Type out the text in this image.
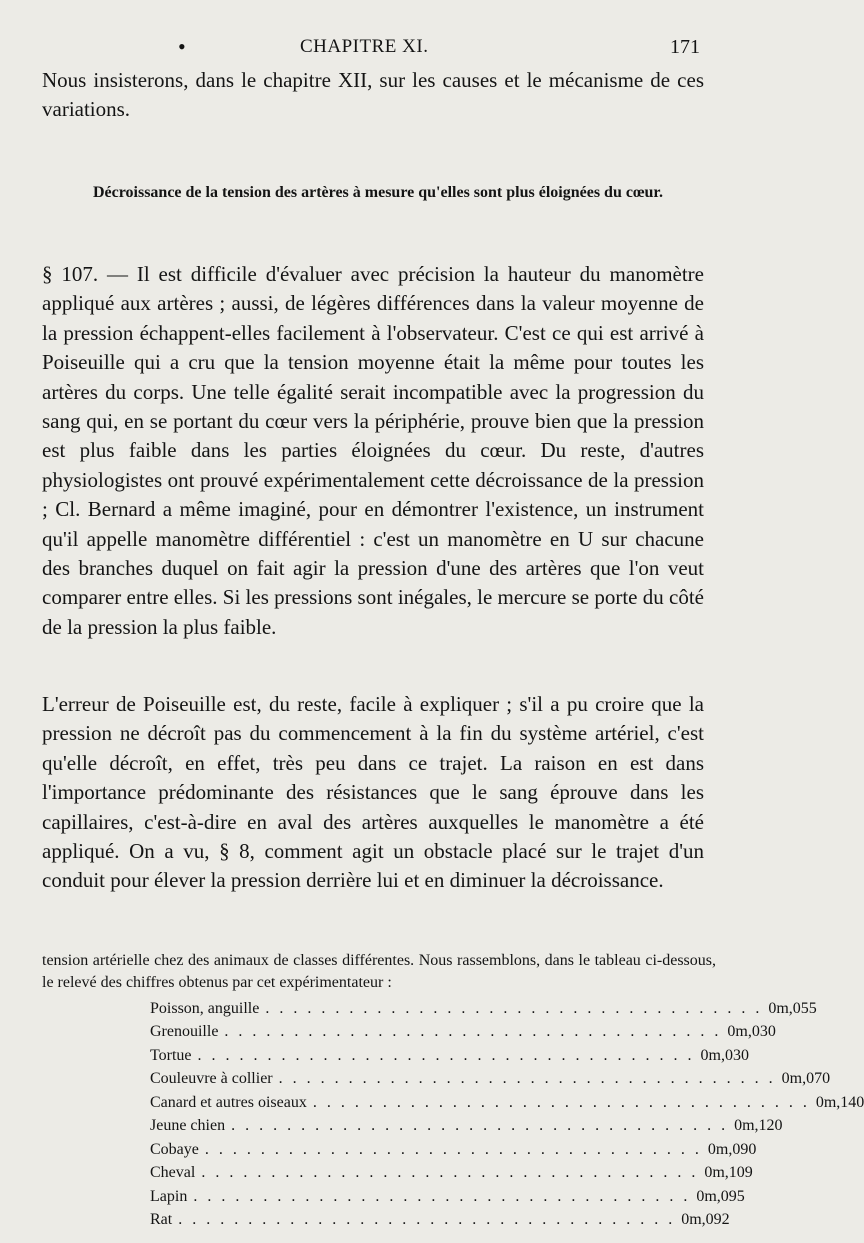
•	CHAPITRE XI.	171
Nous insisterons, dans le chapitre XII, sur les causes et le mécanisme de ces variations.
Décroissance de la tension des artères à mesure qu'elles sont plus éloignées du cœur.
§ 107. — Il est difficile d'évaluer avec précision la hauteur du manomètre appliqué aux artères ; aussi, de légères différences dans la valeur moyenne de la pression échappent-elles facilement à l'observateur. C'est ce qui est arrivé à Poiseuille qui a cru que la tension moyenne était la même pour toutes les artères du corps. Une telle égalité serait incompatible avec la progression du sang qui, en se portant du cœur vers la périphérie, prouve bien que la pression est plus faible dans les parties éloignées du cœur. Du reste, d'autres physiologistes ont prouvé expérimentalement cette décroissance de la pression ; Cl. Bernard a même imaginé, pour en démontrer l'existence, un instrument qu'il appelle manomètre différentiel : c'est un manomètre en U sur chacune des branches duquel on fait agir la pression d'une des artères que l'on veut comparer entre elles. Si les pressions sont inégales, le mercure se porte du côté de la pression la plus faible.
L'erreur de Poiseuille est, du reste, facile à expliquer ; s'il a pu croire que la pression ne décroît pas du commencement à la fin du système artériel, c'est qu'elle décroît, en effet, très peu dans ce trajet. La raison en est dans l'importance prédominante des résistances que le sang éprouve dans les capillaires, c'est-à-dire en aval des artères auxquelles le manomètre a été appliqué. On a vu, § 8, comment agit un obstacle placé sur le trajet d'un conduit pour élever la pression derrière lui et en diminuer la décroissance.
tension artérielle chez des animaux de classes différentes. Nous rassemblons, dans le tableau ci-dessous, le relevé des chiffres obtenus par cet expérimentateur :
Poisson, anguille . . . . . . . . . . . . . . . . . . . . . . . . . . . . . . . . . . . . 0m,055
Grenouille . . . . . . . . . . . . . . . . . . . . . . . . . . . . . . . . . . . . 0m,030
Tortue . . . . . . . . . . . . . . . . . . . . . . . . . . . . . . . . . . . . 0m,030
Couleuvre à collier . . . . . . . . . . . . . . . . . . . . . . . . . . . . . . . . . . . . 0m,070
Canard et autres oiseaux . . . . . . . . . . . . . . . . . . . . . . . . . . . . . . . . . . . . 0m,140
Jeune chien . . . . . . . . . . . . . . . . . . . . . . . . . . . . . . . . . . . . 0m,120
Cobaye . . . . . . . . . . . . . . . . . . . . . . . . . . . . . . . . . . . . 0m,090
Cheval . . . . . . . . . . . . . . . . . . . . . . . . . . . . . . . . . . . . 0m,109
Lapin . . . . . . . . . . . . . . . . . . . . . . . . . . . . . . . . . . . . 0m,095
Rat . . . . . . . . . . . . . . . . . . . . . . . . . . . . . . . . . . . . 0m,092
